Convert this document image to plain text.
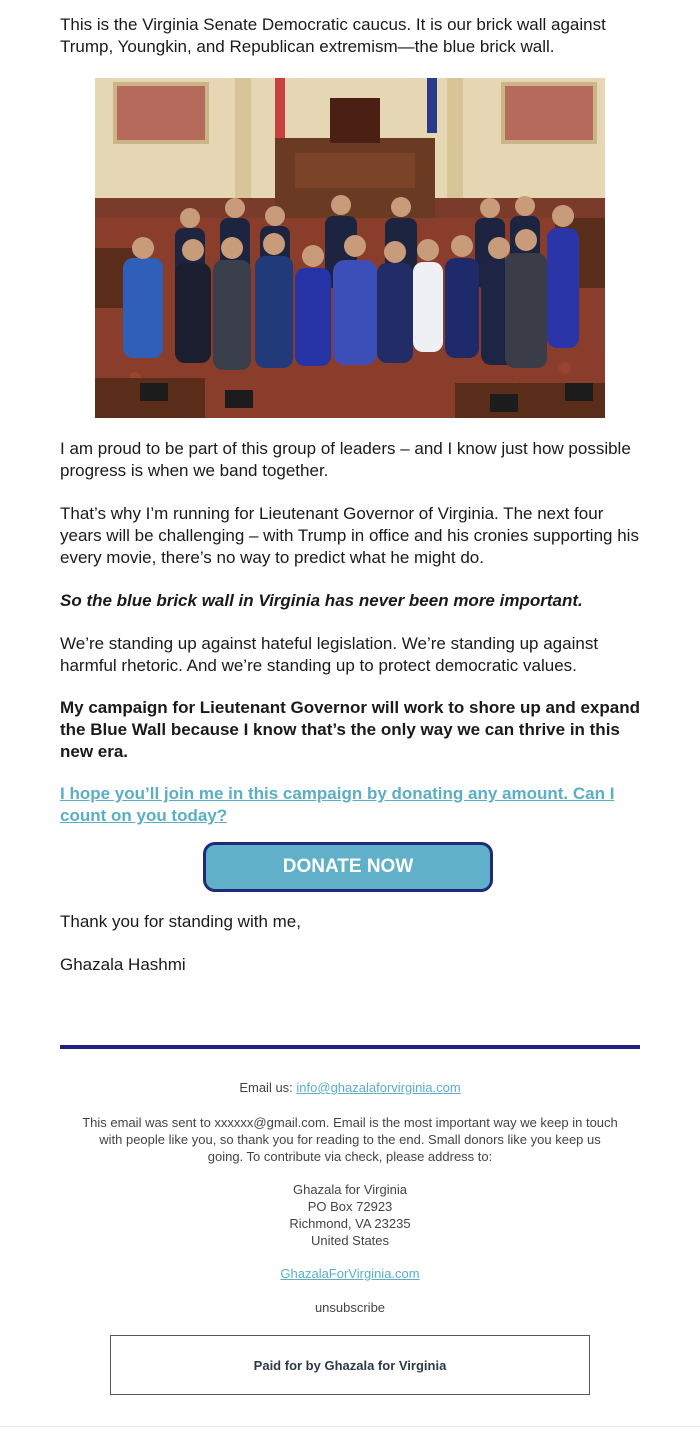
This is the Virginia Senate Democratic caucus. It is our brick wall against Trump, Youngkin, and Republican extremism—the blue brick wall.

I am proud to be part of this group of leaders – and I know just how possible progress is when we band together.

That’s why I’m running for Lieutenant Governor of Virginia. The next four years will be challenging – with Trump in office and his cronies supporting his every movie, there’s no way to predict what he might do.

So the blue brick wall in Virginia has never been more important.

We’re standing up against hateful legislation. We’re standing up against harmful rhetoric. And we’re standing up to protect democratic values.

My campaign for Lieutenant Governor will work to shore up and expand the Blue Wall because I know that’s the only way we can thrive in this new era.

I hope you’ll join me in this campaign by donating any amount. Can I count on you today?

DONATE NOW

Thank you for standing with me,

Ghazala Hashmi

Email us: info@ghazalaforvirginia.com
This email was sent to xxxxxx@gmail.com. Email is the most important way we keep in touch with people like you, so thank you for reading to the end. Small donors like you keep us going. To contribute via check, please address to:
Ghazala for Virginia
PO Box 72923
Richmond, VA 23235
United States
GhazalaForVirginia.com
unsubscribe
Paid for by Ghazala for Virginia
